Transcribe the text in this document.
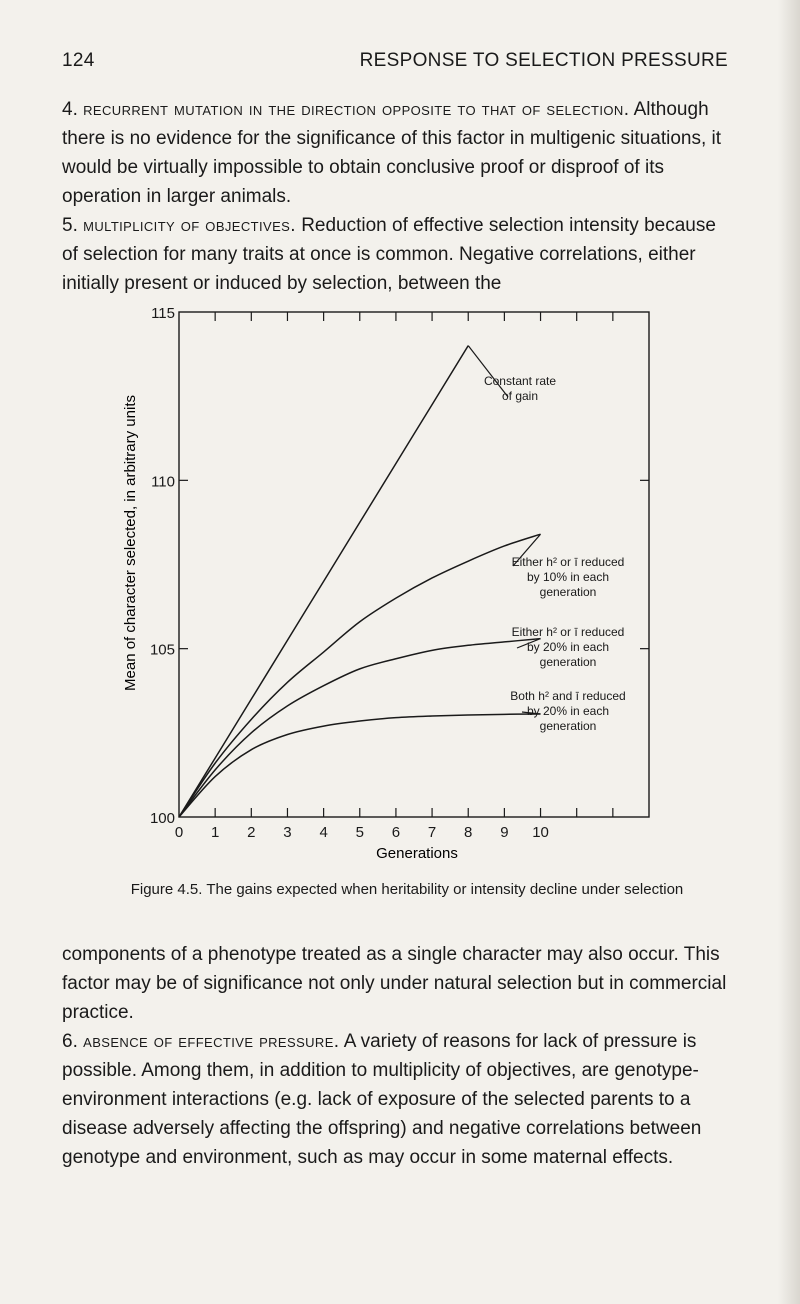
124	RESPONSE TO SELECTION PRESSURE

4. recurrent mutation in the direction opposite to that of selection. Although there is no evidence for the significance of this factor in multigenic situations, it would be virtually impossible to obtain conclusive proof or disproof of its operation in larger animals.

5. multiplicity of objectives. Reduction of effective selection intensity because of selection for many traits at once is common. Negative correlations, either initially present or induced by selection, between the

100
105
110
115
0 1 2 3 4 5 6 7 8 9 10
Constant rate
of gain
Either h² or ī reduced
by 10% in each
generation
Either h² or ī reduced
by 20% in each
generation
Both h² and ī reduced
by 20% in each
generation
Generations
Mean of character selected, in arbitrary units
Figure 4.5. The gains expected when heritability or intensity decline under selection

components of a phenotype treated as a single character may also occur. This factor may be of significance not only under natural selection but in commercial practice.

6. absence of effective pressure. A variety of reasons for lack of pressure is possible. Among them, in addition to multiplicity of objectives, are genotype-environment interactions (e.g. lack of exposure of the selected parents to a disease adversely affecting the offspring) and negative correlations between genotype and environment, such as may occur in some maternal effects.
